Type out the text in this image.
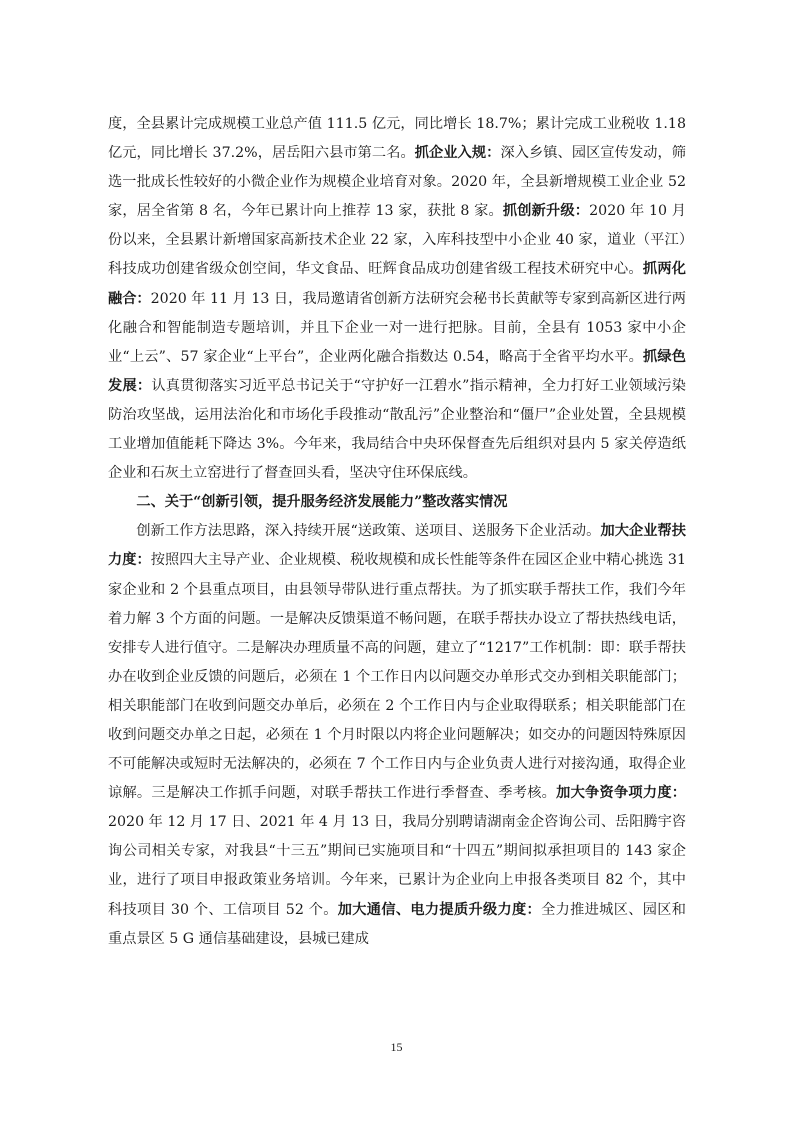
度，全县累计完成规模工业总产值 111.5 亿元，同比增长 18.7%；累计完成工业税收 1.18 亿元，同比增长 37.2%，居岳阳六县市第二名。抓企业入规：深入乡镇、园区宣传发动，筛选一批成长性较好的小微企业作为规模企业培育对象。2020 年，全县新增规模工业企业 52 家，居全省第 8 名，今年已累计向上推荐 13 家，获批 8 家。抓创新升级：2020 年 10 月份以来，全县累计新增国家高新技术企业 22 家，入库科技型中小企业 40 家，道业（平江）科技成功创建省级众创空间，华文食品、旺辉食品成功创建省级工程技术研究中心。抓两化融合：2020 年 11 月 13 日，我局邀请省创新方法研究会秘书长黄献等专家到高新区进行两化融合和智能制造专题培训，并且下企业一对一进行把脉。目前，全县有 1053 家中小企业“上云”、57 家企业“上平台”，企业两化融合指数达 0.54，略高于全省平均水平。抓绿色发展：认真贯彻落实习近平总书记关于“守护好一江碧水”指示精神，全力打好工业领域污染防治攻坚战，运用法治化和市场化手段推动“散乱污”企业整治和“僵尸”企业处置，全县规模工业增加值能耗下降达 3%。今年来，我局结合中央环保督查先后组织对县内 5 家关停造纸企业和石灰土立窑进行了督查回头看，坚决守住环保底线。

二、关于“创新引领，提升服务经济发展能力”整改落实情况

创新工作方法思路，深入持续开展“送政策、送项目、送服务下企业活动。加大企业帮扶力度：按照四大主导产业、企业规模、税收规模和成长性能等条件在园区企业中精心挑选 31 家企业和 2 个县重点项目，由县领导带队进行重点帮扶。为了抓实联手帮扶工作，我们今年着力解 3 个方面的问题。一是解决反馈渠道不畅问题，在联手帮扶办设立了帮扶热线电话，安排专人进行值守。二是解决办理质量不高的问题，建立了“1217”工作机制：即：联手帮扶办在收到企业反馈的问题后，必须在 1 个工作日内以问题交办单形式交办到相关职能部门；相关职能部门在收到问题交办单后，必须在 2 个工作日内与企业取得联系；相关职能部门在收到问题交办单之日起，必须在 1 个月时限以内将企业问题解决；如交办的问题因特殊原因不可能解决或短时无法解决的，必须在 7 个工作日内与企业负责人进行对接沟通，取得企业谅解。三是解决工作抓手问题，对联手帮扶工作进行季督查、季考核。加大争资争项力度：2020 年 12 月 17 日、2021 年 4 月 13 日，我局分别聘请湖南金企咨询公司、岳阳腾宇咨询公司相关专家，对我县“十三五”期间已实施项目和“十四五”期间拟承担项目的 143 家企业，进行了项目申报政策业务培训。今年来，已累计为企业向上申报各类项目 82 个，其中科技项目 30 个、工信项目 52 个。加大通信、电力提质升级力度：全力推进城区、园区和重点景区 5 G 通信基础建设，县城已建成

15
